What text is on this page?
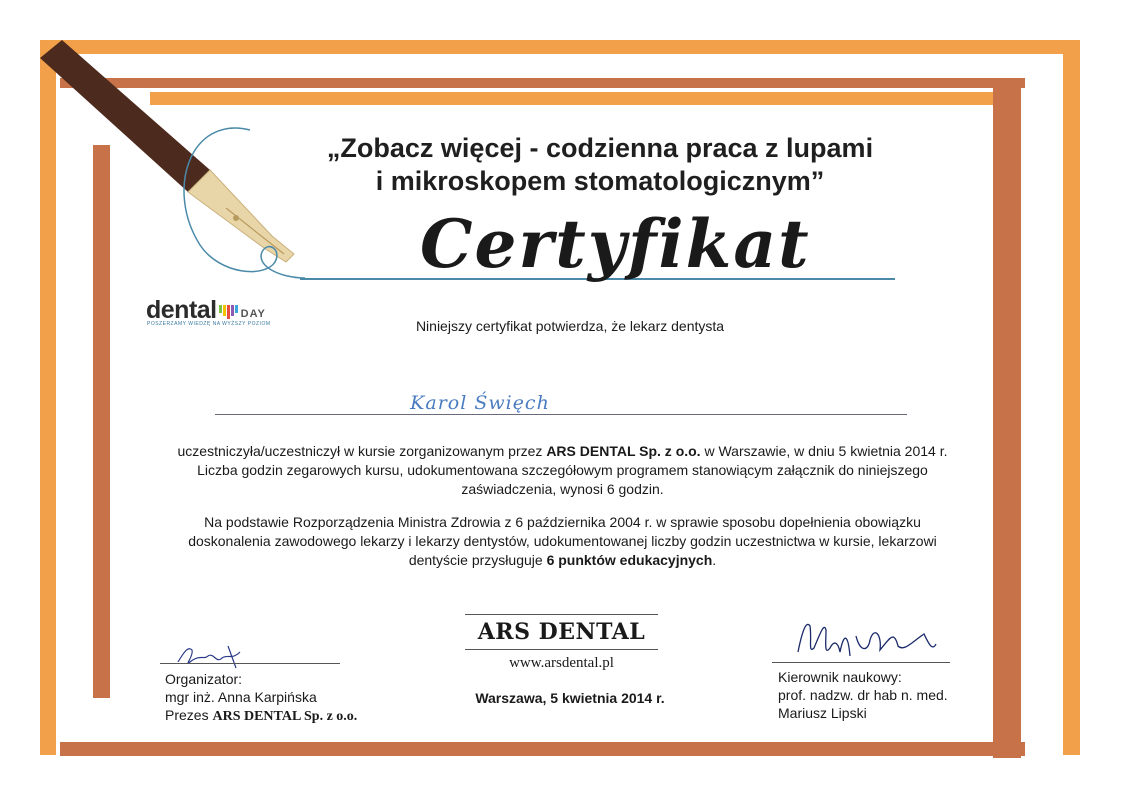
„Zobacz więcej - codzienna praca z lupami
i mikroskopem stomatologicznym”
Certyfikat
dental DAY
POSZERZAMY WIEDZĘ NA WYŻSZY POZIOM	Niniejszy certyfikat potwierdza, że lekarz dentysta
Karol Święch
uczestniczyła/uczestniczył w kursie zorganizowanym przez ARS DENTAL Sp. z o.o. w Warszawie, w dniu 5 kwietnia 2014 r.
Liczba godzin zegarowych kursu, udokumentowana szczegółowym programem stanowiącym załącznik do niniejszego
zaświadczenia, wynosi 6 godzin.
Na podstawie Rozporządzenia Ministra Zdrowia z 6 października 2004 r. w sprawie sposobu dopełnienia obowiązku
doskonalenia zawodowego lekarzy i lekarzy dentystów, udokumentowanej liczby godzin uczestnictwa w kursie, lekarzowi
dentyście przysługuje 6 punktów edukacyjnych.
ARS DENTAL
www.arsdental.pl
Warszawa, 5 kwietnia 2014 r.
Organizator:
mgr inż. Anna Karpińska
Prezes ARS DENTAL Sp. z o.o.
Kierownik naukowy:
prof. nadzw. dr hab n. med.
Mariusz Lipski
